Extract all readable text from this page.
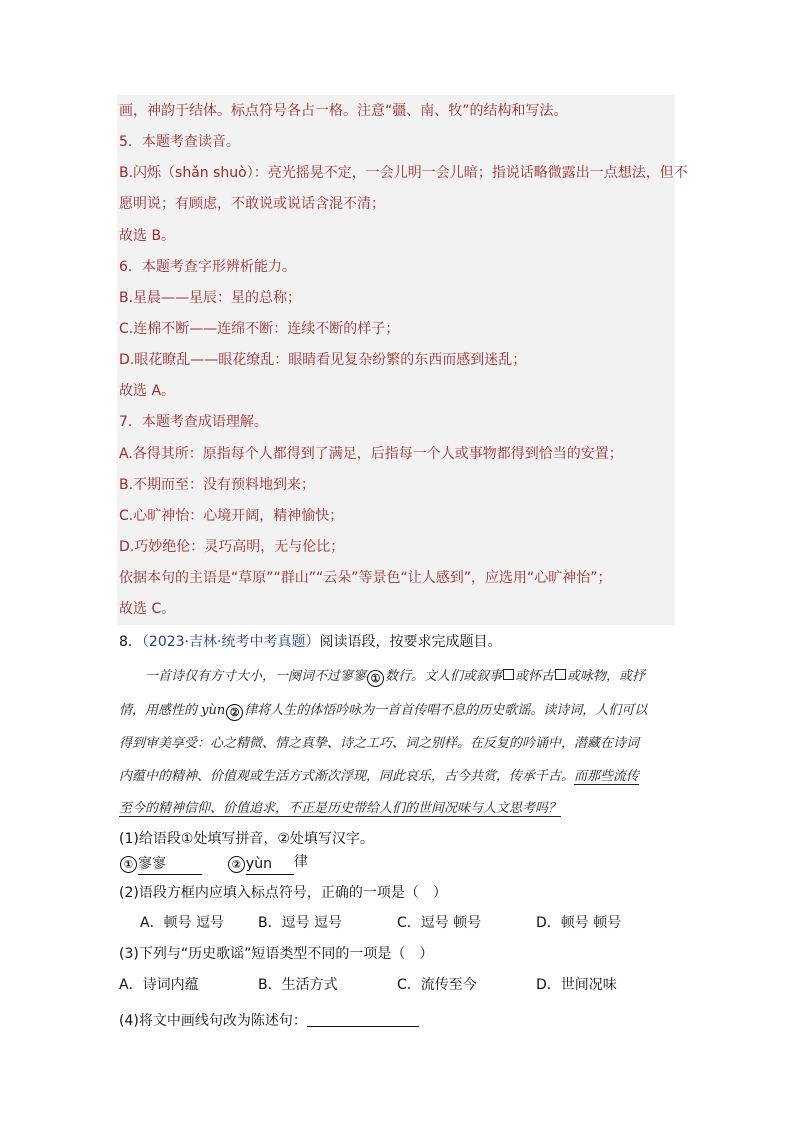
画，神韵于结体。标点符号各占一格。注意“疆、南、牧”的结构和写法。
5．本题考查读音。
B.闪烁（shǎn shuò）：亮光摇晃不定，一会儿明一会儿暗；指说话略微露出一点想法，但不
愿明说；有顾虑，不敢说或说话含混不清；
故选 B。
6．本题考查字形辨析能力。
B.星晨——星辰：星的总称；
C.连棉不断——连绵不断：连续不断的样子；
D.眼花瞭乱——眼花缭乱：眼睛看见复杂纷繁的东西而感到迷乱；
故选 A。
7．本题考查成语理解。
A.各得其所：原指每个人都得到了满足，后指每一个人或事物都得到恰当的安置；
B.不期而至：没有预料地到来；
C.心旷神怡：心境开阔，精神愉快；
D.巧妙绝伦：灵巧高明，无与伦比；
依据本句的主语是“草原”“群山”“云朵”等景色“让人感到”，应选用“心旷神怡”；
故选 C。
8．（2023·吉林·统考中考真题）阅读语段，按要求完成题目。
一首诗仅有方寸大小，一阕词不过寥寥 ① 数行。文人们或叙事 或怀古 或咏物，或抒
情，用感性的 yùn ② 律将人生的体悟吟咏为一首首传唱不息的历史歌谣。读诗词，人们可以
得到审美享受：心之精微、情之真挚、诗之工巧、词之别样。在反复的吟诵中，潜藏在诗词
内蕴中的精神、价值观或生活方式渐次浮现，同此哀乐，古今共赏，传承千古。而那些流传
至今的精神信仰、价值追求，不正是历史带给人们的世间况味与人文思考吗？
(1)给语段①处填写拼音，②处填写汉字。
① 寥寥	② yùn 律
(2)语段方框内应填入标点符号，正确的一项是（　）
A．顿号 逗号 B．逗号 逗号	C．逗号 顿号	D．顿号 顿号
(3)下列与“历史歌谣”短语类型不同的一项是（　）
A．诗词内蕴	B．生活方式	C．流传至今	D．世间况味
(4)将文中画线句改为陈述句：
